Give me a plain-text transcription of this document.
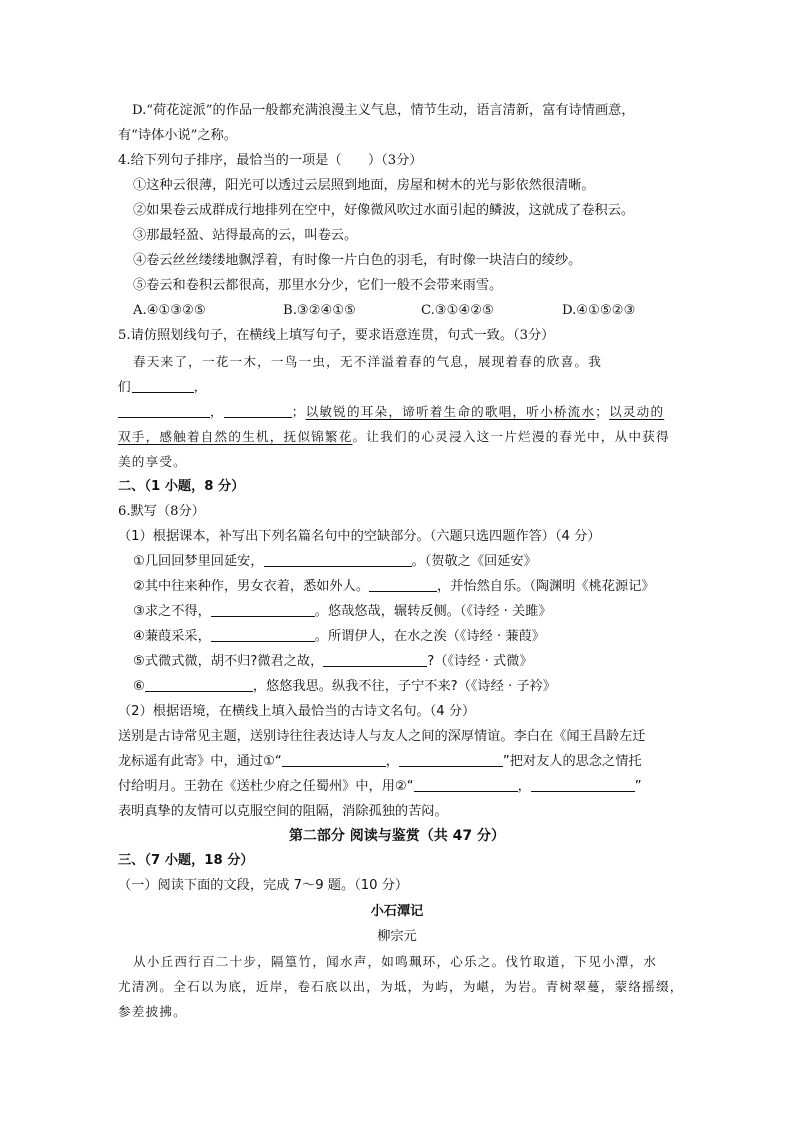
D.“荷花淀派”的作品一般都充满浪漫主义气息，情节生动，语言清新，富有诗情画意，
有“诗体小说”之称。
4.给下列句子排序，最恰当的一项是（　　）（3分）
①这种云很薄，阳光可以透过云层照到地面，房屋和树木的光与影依然很清晰。
②如果卷云成群成行地排列在空中，好像微风吹过水面引起的鳞波，这就成了卷积云。
③那最轻盈、站得最高的云，叫卷云。
④卷云丝丝缕缕地飘浮着，有时像一片白色的羽毛，有时像一块洁白的绫纱。
⑤卷云和卷积云都很高，那里水分少，它们一般不会带来雨雪。
A.④①③②⑤	B.③②④①⑤	C.③①④②⑤	D.④①⑤②③
5.请仿照划线句子，在横线上填写句子，要求语意连贯，句式一致。（3分）
春天来了，一花一木，一鸟一虫，无不洋溢着春的气息，展现着春的欣喜。我
们	，
，	；以敏锐的耳朵，谛听着生命的歌唱，听小桥流水；以灵动的
双手，感触着自然的生机，抚似锦繁花。让我们的心灵浸入这一片烂漫的春光中，从中获得
美的享受。
二、（1 小题，8 分）
6.默写（8分）
（1）根据课本，补写出下列名篇名句中的空缺部分。（六题只选四题作答）（4 分）
①几回回梦里回延安，	。（贺敬之《回延安》
②其中往来种作，男女衣着，悉如外人。	，并怡然自乐。（陶渊明《桃花源记》
③求之不得，	。悠哉悠哉，辗转反侧。（《诗经 · 关雎》
④蒹葭采采，	。所谓伊人，在水之涘（《诗经 · 蒹葭》
⑤式微式微，胡不归?微君之故，	?（《诗经 · 式微》
⑥	，悠悠我思。纵我不往，子宁不来?（《诗经 · 子衿》
（2）根据语境，在横线上填入最恰当的古诗文名句。（4 分）
送别是古诗常见主题，送别诗往往表达诗人与友人之间的深厚情谊。李白在《闻王昌龄左迁
龙标遥有此寄》中，通过①“	，	”把对友人的思念之情托
付给明月。王勃在《送杜少府之任蜀州》中，用②“	，	”
表明真挚的友情可以克服空间的阻隔，消除孤独的苦闷。
第二部分 阅读与鉴赏（共 47 分）
三、（7 小题，18 分）
（一）阅读下面的文段，完成 7～9 题。（10 分）
小石潭记
柳宗元
从小丘西行百二十步，隔篁竹，闻水声，如鸣珮环，心乐之。伐竹取道，下见小潭，水
尤清冽。全石以为底，近岸，卷石底以出，为坻，为屿，为嵁，为岩。青树翠蔓，蒙络摇缀，
参差披拂。
